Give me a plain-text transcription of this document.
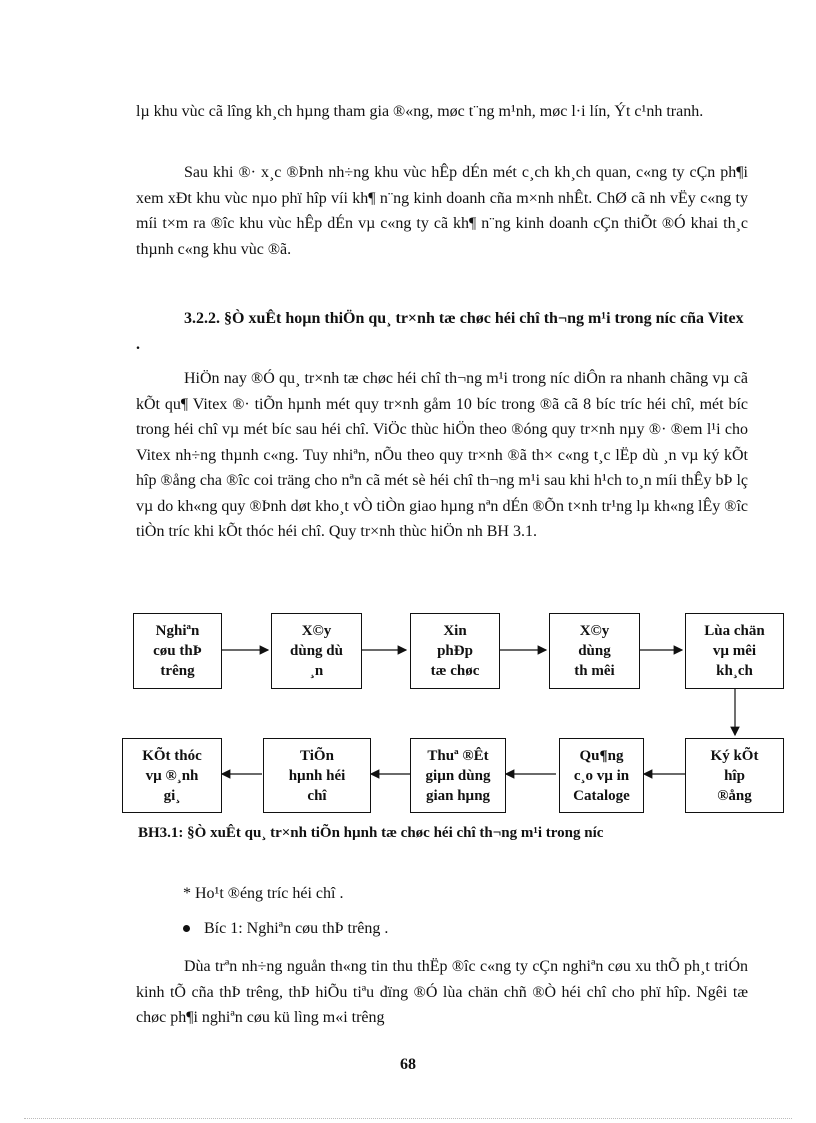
lµ khu vùc cã lîng kh¸ch hµng tham gia ®«ng, møc t¨ng m¹nh, møc l·i lín, Ýt c¹nh tranh.

Sau khi ®· x¸c ®Þnh nh÷ng khu vùc hÊp dÉn mét c¸ch kh¸ch quan, c«ng ty cÇn ph¶i xem xÐt khu vùc nµo phï hîp víi kh¶ n¨ng kinh doanh cña m×nh nhÊt. ChØ cã nh vËy c«ng ty míi t×m ra ®îc khu vùc hÊp dÉn vµ c«ng ty cã kh¶ n¨ng kinh doanh cÇn thiÕt ®Ó khai th¸c thµnh c«ng khu vùc ®ã.

3.2.2. §Ò xuÊt hoµn thiÖn qu¸ tr×nh tæ chøc héi chî th¬ng m¹i trong níc cña Vitex .

HiÖn nay ®Ó qu¸ tr×nh tæ chøc héi chî th¬ng m¹i trong níc diÔn ra nhanh chãng vµ cã kÕt qu¶ Vitex ®· tiÕn hµnh mét quy tr×nh gåm 10 bíc trong ®ã cã 8 bíc tríc héi chî, mét bíc trong héi chî vµ mét bíc sau héi chî. ViÖc thùc hiÖn theo ®óng quy tr×nh nµy ®· ®em l¹i cho Vitex nh÷ng thµnh c«ng. Tuy nhiªn, nÕu theo quy tr×nh ®ã th× c«ng t¸c lËp dù ¸n vµ ký kÕt hîp ®ång cha ®îc coi träng cho nªn cã mét sè héi chî th¬ng m¹i sau khi h¹ch to¸n míi thÊy bÞ lç vµ do kh«ng quy ®Þnh døt kho¸t vÒ tiÒn giao hµng nªn dÉn ®Õn t×nh tr¹ng lµ kh«ng lÊy ®îc tiÒn tríc khi kÕt thóc héi chî. Quy tr×nh thùc hiÖn nh BH 3.1.

Nghiªn
cøu thÞ
trêng
X©y
dùng dù
¸n
Xin
phÐp
tæ chøc
X©y
dùng
th mêi
Lùa chän
vµ mêi
kh¸ch
Ký kÕt
hîp
®ång
Qu¶ng
c¸o vµ in
Cataloge
Thuª ®Êt
giµn dùng
gian hµng
TiÕn
hµnh héi
chî
KÕt thóc
vµ ®¸nh
gi¸

BH3.1: §Ò xuÊt qu¸ tr×nh tiÕn hµnh tæ chøc héi chî th¬ng m¹i trong níc

* Ho¹t ®éng tríc héi chî .

Bíc 1: Nghiªn cøu thÞ trêng .

Dùa trªn nh÷ng nguån th«ng tin thu thËp ®îc c«ng ty cÇn nghiªn cøu xu thÕ ph¸t triÓn kinh tÕ cña thÞ trêng, thÞ hiÕu tiªu dïng ®Ó lùa chän chñ ®Ò héi chî cho phï hîp. Ngêi tæ chøc ph¶i nghiªn cøu kü lìng m«i trêng

68
